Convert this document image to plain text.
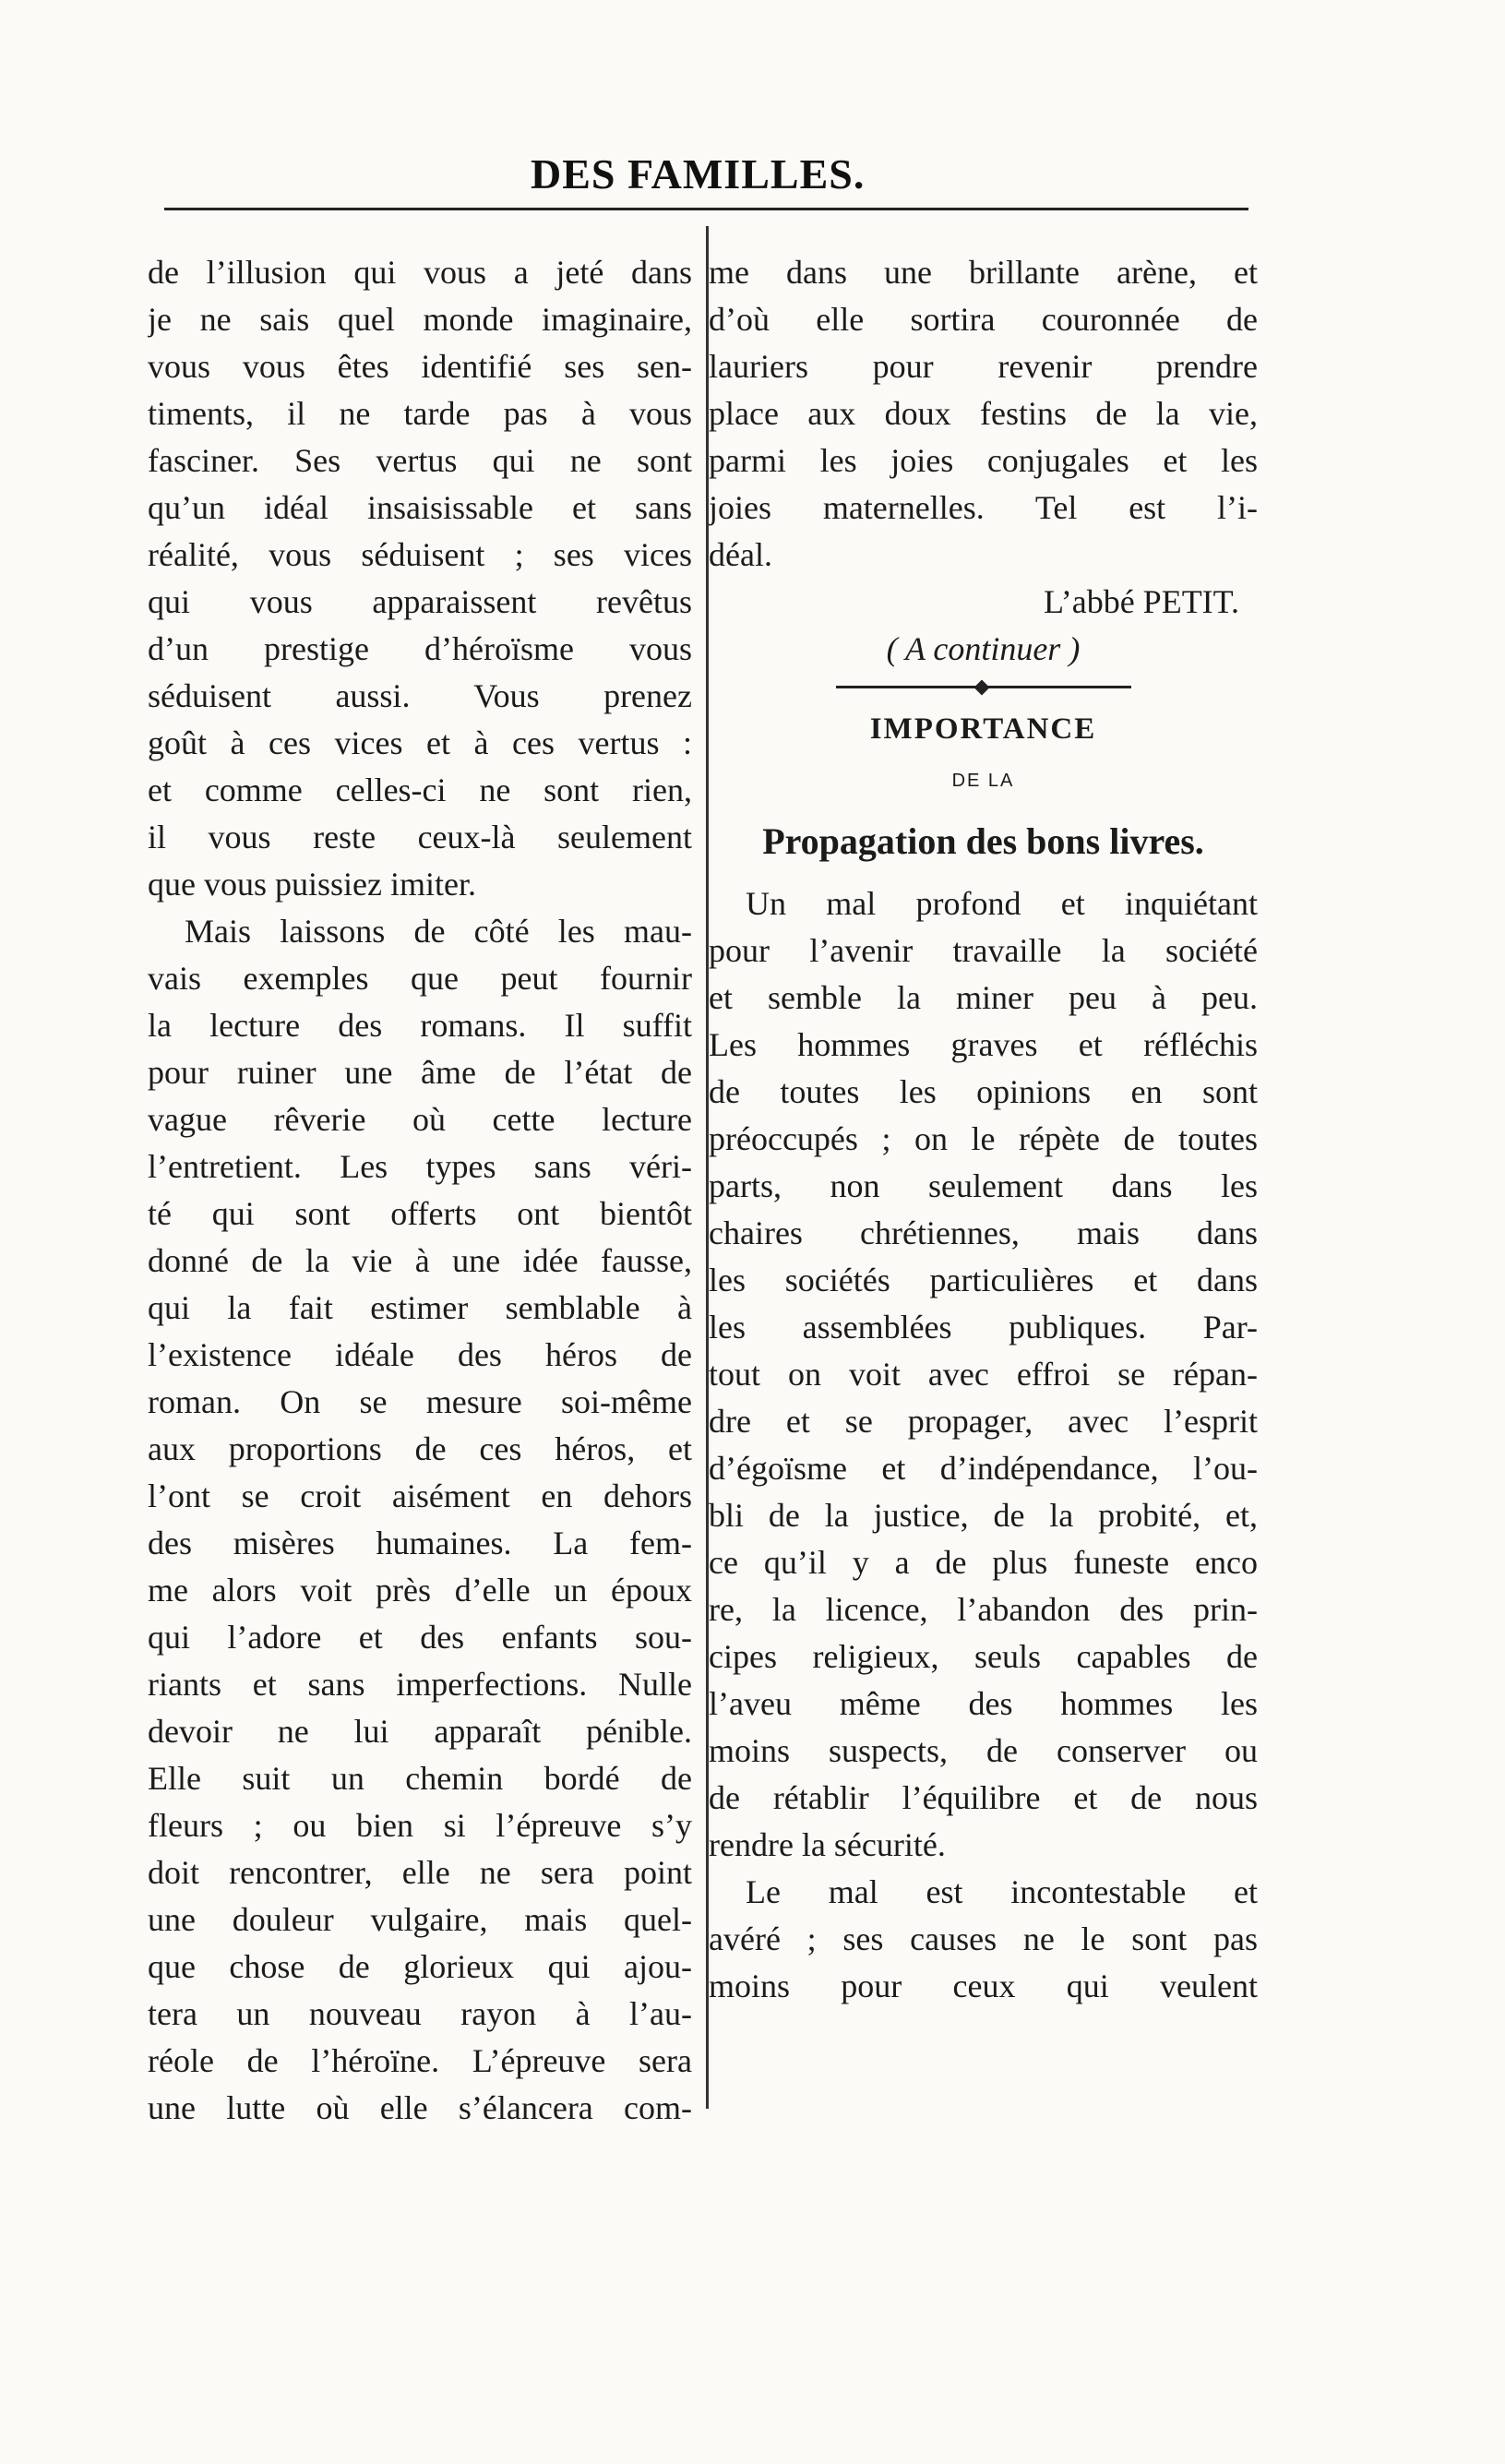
DES FAMILLES.
de l’illusion qui vous a jeté dans
je ne sais quel monde imaginaire,
vous vous êtes identifié ses sen-
timents, il ne tarde pas à vous
fasciner. Ses vertus qui ne sont
qu’un idéal insaisissable et sans
réalité, vous séduisent ; ses vices
qui vous apparaissent revêtus
d’un prestige d’héroïsme vous
séduisent aussi. Vous prenez
goût à ces vices et à ces vertus :
et comme celles-ci ne sont rien,
il vous reste ceux-là seulement
que vous puissiez imiter.
Mais laissons de côté les mau-
vais exemples que peut fournir
la lecture des romans. Il suffit
pour ruiner une âme de l’état de
vague rêverie où cette lecture
l’entretient. Les types sans véri-
té qui sont offerts ont bientôt
donné de la vie à une idée fausse,
qui la fait estimer semblable à
l’existence idéale des héros de
roman. On se mesure soi-même
aux proportions de ces héros, et
l’ont se croit aisément en dehors
des misères humaines. La fem-
me alors voit près d’elle un époux
qui l’adore et des enfants sou-
riants et sans imperfections. Nulle
devoir ne lui apparaît pénible.
Elle suit un chemin bordé de
fleurs ; ou bien si l’épreuve s’y
doit rencontrer, elle ne sera point
une douleur vulgaire, mais quel-
que chose de glorieux qui ajou-
tera un nouveau rayon à l’au-
réole de l’héroïne. L’épreuve sera
une lutte où elle s’élancera com-
me dans une brillante arène, et
d’où elle sortira couronnée de
lauriers pour revenir prendre
place aux doux festins de la vie,
parmi les joies conjugales et les
joies maternelles. Tel est l’i-
déal.
L’abbé PETIT.
( A continuer )
IMPORTANCE
DE LA
Propagation des bons livres.
Un mal profond et inquiétant
pour l’avenir travaille la société
et semble la miner peu à peu.
Les hommes graves et réfléchis
de toutes les opinions en sont
préoccupés ; on le répète de toutes
parts, non seulement dans les
chaires chrétiennes, mais dans
les sociétés particulières et dans
les assemblées publiques. Par-
tout on voit avec effroi se répan-
dre et se propager, avec l’esprit
d’égoïsme et d’indépendance, l’ou-
bli de la justice, de la probité, et,
ce qu’il y a de plus funeste enco
re, la licence, l’abandon des prin-
cipes religieux, seuls capables de
l’aveu même des hommes les
moins suspects, de conserver ou
de rétablir l’équilibre et de nous
rendre la sécurité.
Le mal est incontestable et
avéré ; ses causes ne le sont pas
moins pour ceux qui veulent
